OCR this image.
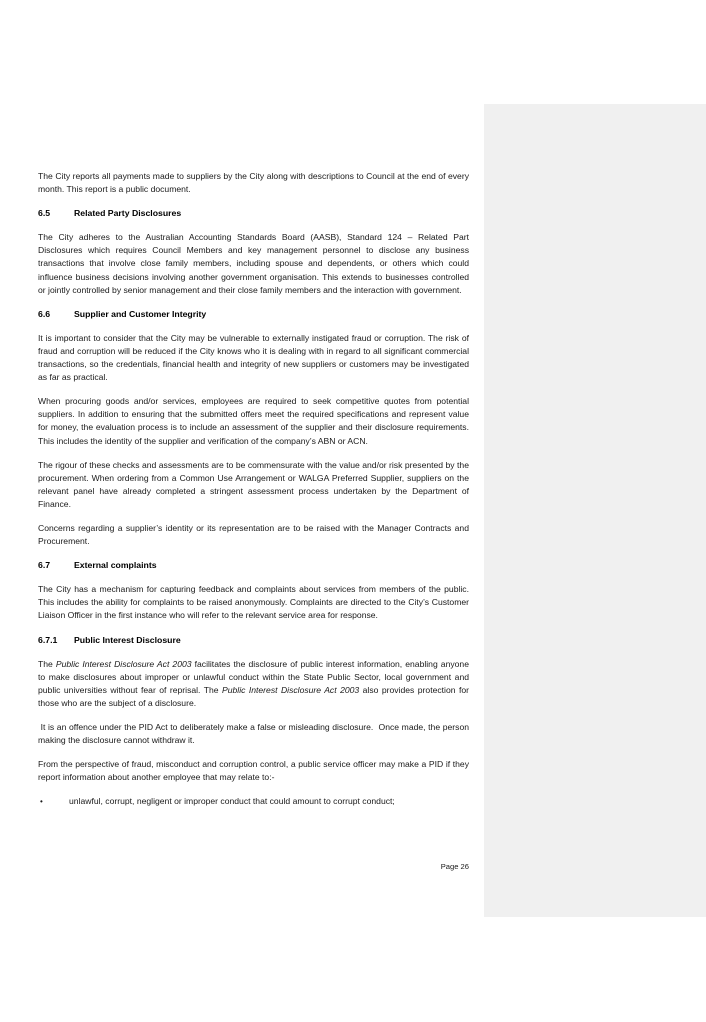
The City reports all payments made to suppliers by the City along with descriptions to Council at the end of every month. This report is a public document.

6.5	Related Party Disclosures

The City adheres to the Australian Accounting Standards Board (AASB), Standard 124 – Related Part Disclosures which requires Council Members and key management personnel to disclose any business transactions that involve close family members, including spouse and dependents, or others which could influence business decisions involving another government organisation. This extends to businesses controlled or jointly controlled by senior management and their close family members and the interaction with government.

6.6	Supplier and Customer Integrity

It is important to consider that the City may be vulnerable to externally instigated fraud or corruption. The risk of fraud and corruption will be reduced if the City knows who it is dealing with in regard to all significant commercial transactions, so the credentials, financial health and integrity of new suppliers or customers may be investigated as far as practical.

When procuring goods and/or services, employees are required to seek competitive quotes from potential suppliers. In addition to ensuring that the submitted offers meet the required specifications and represent value for money, the evaluation process is to include an assessment of the supplier and their disclosure requirements. This includes the identity of the supplier and verification of the company’s ABN or ACN.

The rigour of these checks and assessments are to be commensurate with the value and/or risk presented by the procurement. When ordering from a Common Use Arrangement or WALGA Preferred Supplier, suppliers on the relevant panel have already completed a stringent assessment process undertaken by the Department of Finance.

Concerns regarding a supplier’s identity or its representation are to be raised with the Manager Contracts and Procurement.

6.7	External complaints

The City has a mechanism for capturing feedback and complaints about services from members of the public. This includes the ability for complaints to be raised anonymously. Complaints are directed to the City’s Customer Liaison Officer in the first instance who will refer to the relevant service area for response.

6.7.1	Public Interest Disclosure

The Public Interest Disclosure Act 2003 facilitates the disclosure of public interest information, enabling anyone to make disclosures about improper or unlawful conduct within the State Public Sector, local government and public universities without fear of reprisal. The Public Interest Disclosure Act 2003 also provides protection for those who are the subject of a disclosure.

It is an offence under the PID Act to deliberately make a false or misleading disclosure.  Once made, the person making the disclosure cannot withdraw it.

From the perspective of fraud, misconduct and corruption control, a public service officer may make a PID if they report information about another employee that may relate to:-

•	unlawful, corrupt, negligent or improper conduct that could amount to corrupt conduct;
Page 26
